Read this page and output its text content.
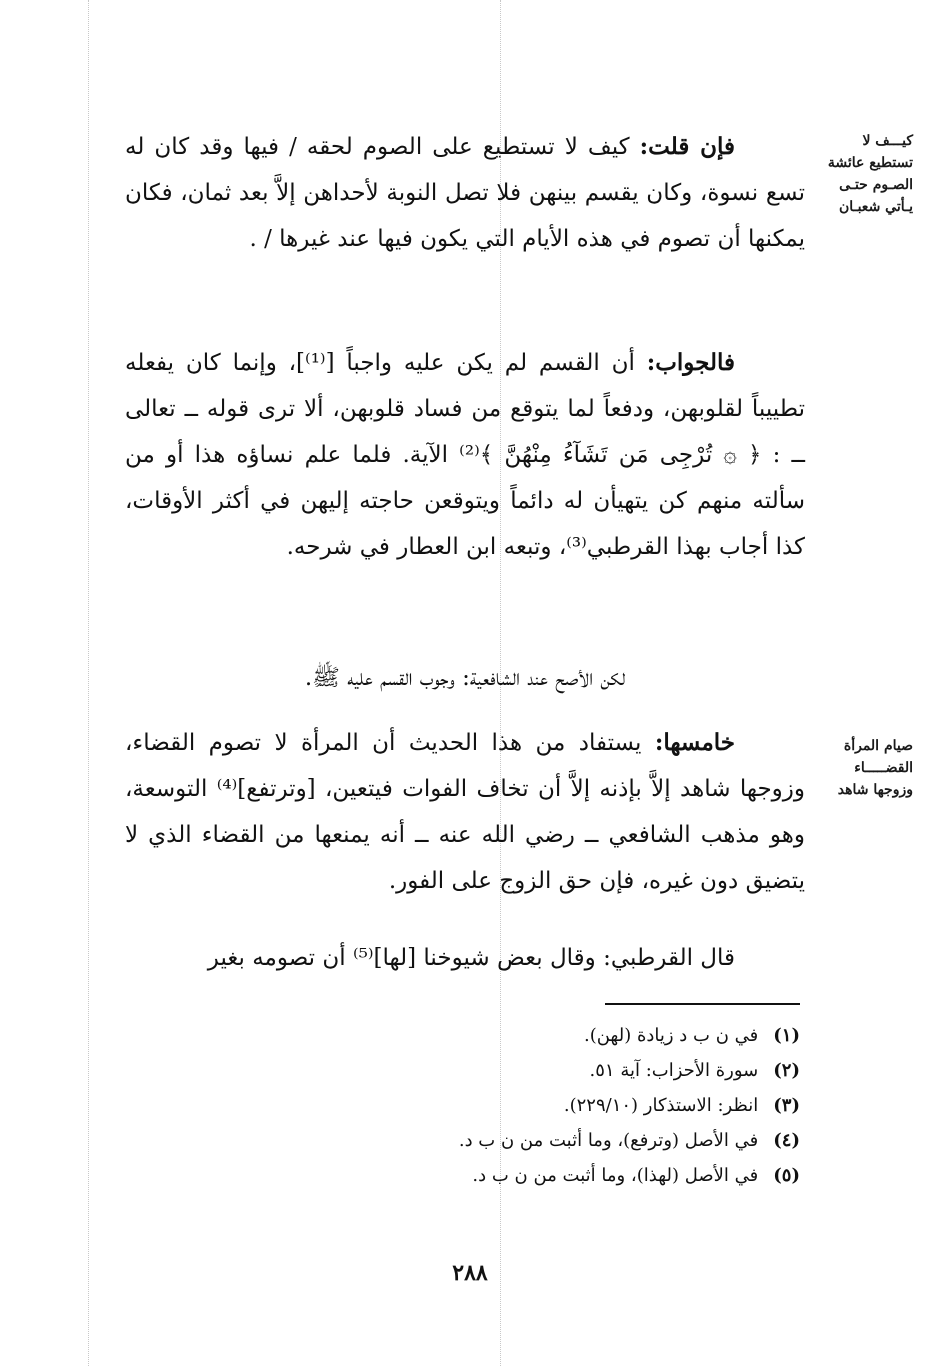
كيـــف لا
تستطيع عائشة
الصـوم حتـى
يـأتي شعبـان

فإن قلت: كيف لا تستطيع على الصوم لحقه / فيها وقد كان له تسع نسوة، وكان يقسم بينهن فلا تصل النوبة لأحداهن إلاَّ بعد ثمان، فكان يمكنها أن تصوم في هذه الأيام التي يكون فيها عند غيرها / .

فالجواب: أن القسم لم يكن عليه واجباً [⁽¹⁾]، وإنما كان يفعله تطييباً لقلوبهن، ودفعاً لما يتوقع من فساد قلوبهن، ألا ترى قوله ــ تعالى ــ : ﴿ ۞ تُرْجِى مَن تَشَآءُ مِنْهُنَّ ﴾⁽²⁾ الآية. فلما علم نساؤه هذا أو من سألته منهم كن يتهيأن له دائماً ويتوقعن حاجته إليهن في أكثر الأوقات، كذا أجاب بهذا القرطبي⁽³⁾، وتبعه ابن العطار في شرحه.

لكن الأصح عند الشافعية: وجوب القسم عليه ﷺ.

صيام المرأة
القضـــــاء
وزوجها شاهد

خامسها: يستفاد من هذا الحديث أن المرأة لا تصوم القضاء، وزوجها شاهد إلاَّ بإذنه إلاَّ أن تخاف الفوات فيتعين، [وترتفع]⁽⁴⁾ التوسعة، وهو مذهب الشافعي ــ رضي الله عنه ــ أنه يمنعها من القضاء الذي لا يتضيق دون غيره، فإن حق الزوج على الفور.

قال القرطبي: وقال بعض شيوخنا [لها]⁽⁵⁾ أن تصومه بغير

(١) في ن ب د زيادة (لهن).
(٢) سورة الأحزاب: آية ٥١.
(٣) انظر: الاستذكار (٢٢٩/١٠).
(٤) في الأصل (وترفع)، وما أثبت من ن ب د.
(٥) في الأصل (لهذا)، وما أثبت من ن ب د.
٢٨٨
